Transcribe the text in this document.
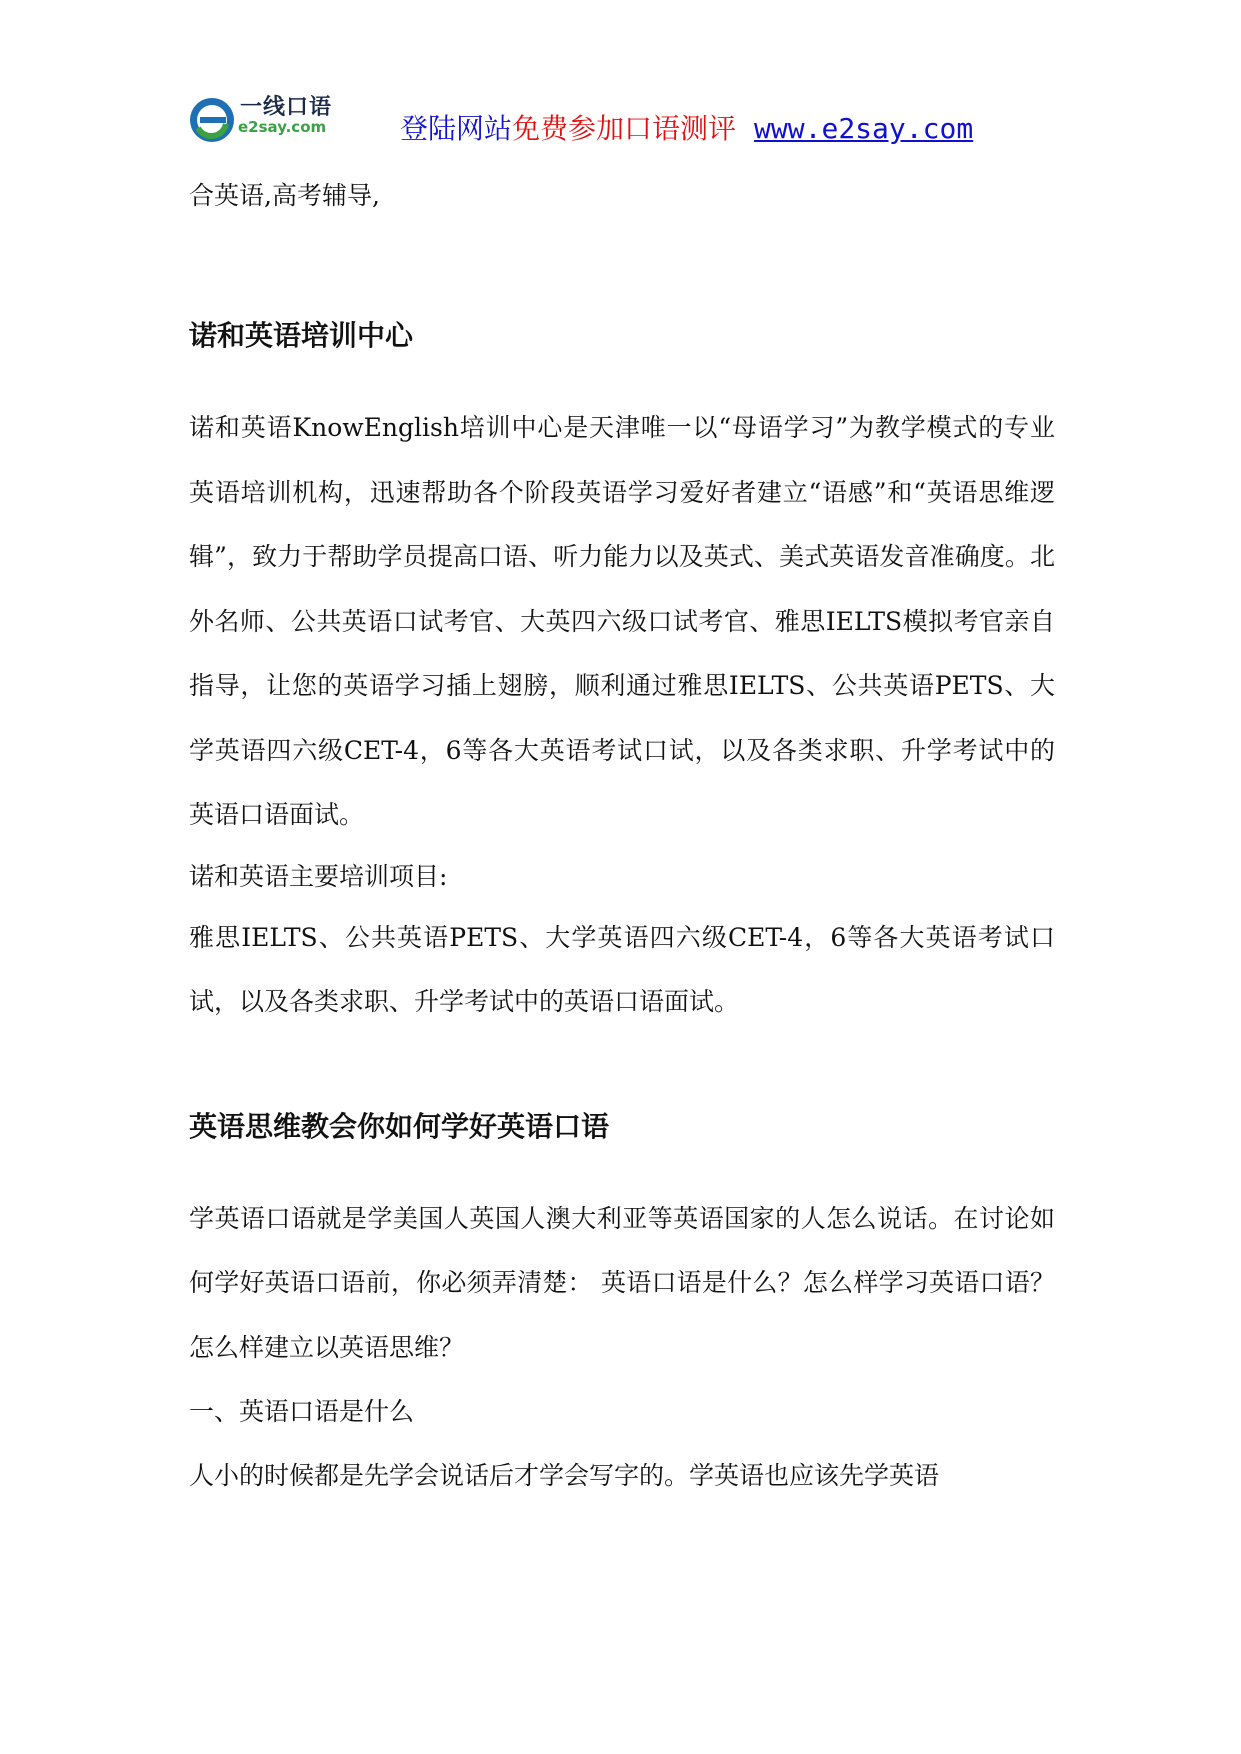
一线口语
e2say.com	登陆网站免费参加口语测评 www.e2say.com
合英语,高考辅导,
诺和英语培训中心
诺和英语KnowEnglish培训中心是天津唯一以“母语学习”为教学模式的专业英语培训机构，迅速帮助各个阶段英语学习爱好者建立“语感”和“英语思维逻辑”，致力于帮助学员提高口语、听力能力以及英式、美式英语发音准确度。北外名师、公共英语口试考官、大英四六级口试考官、雅思IELTS模拟考官亲自指导，让您的英语学习插上翅膀，顺利通过雅思IELTS、公共英语PETS、大学英语四六级CET-4，6等各大英语考试口试，以及各类求职、升学考试中的英语口语面试。
诺和英语主要培训项目:
雅思IELTS、公共英语PETS、大学英语四六级CET-4，6等各大英语考试口试，以及各类求职、升学考试中的英语口语面试。
英语思维教会你如何学好英语口语
学英语口语就是学美国人英国人澳大利亚等英语国家的人怎么说话。在讨论如何学好英语口语前，你必须弄清楚： 英语口语是什么？怎么样学习英语口语？怎么样建立以英语思维？
一、英语口语是什么
人小的时候都是先学会说话后才学会写字的。学英语也应该先学英语
